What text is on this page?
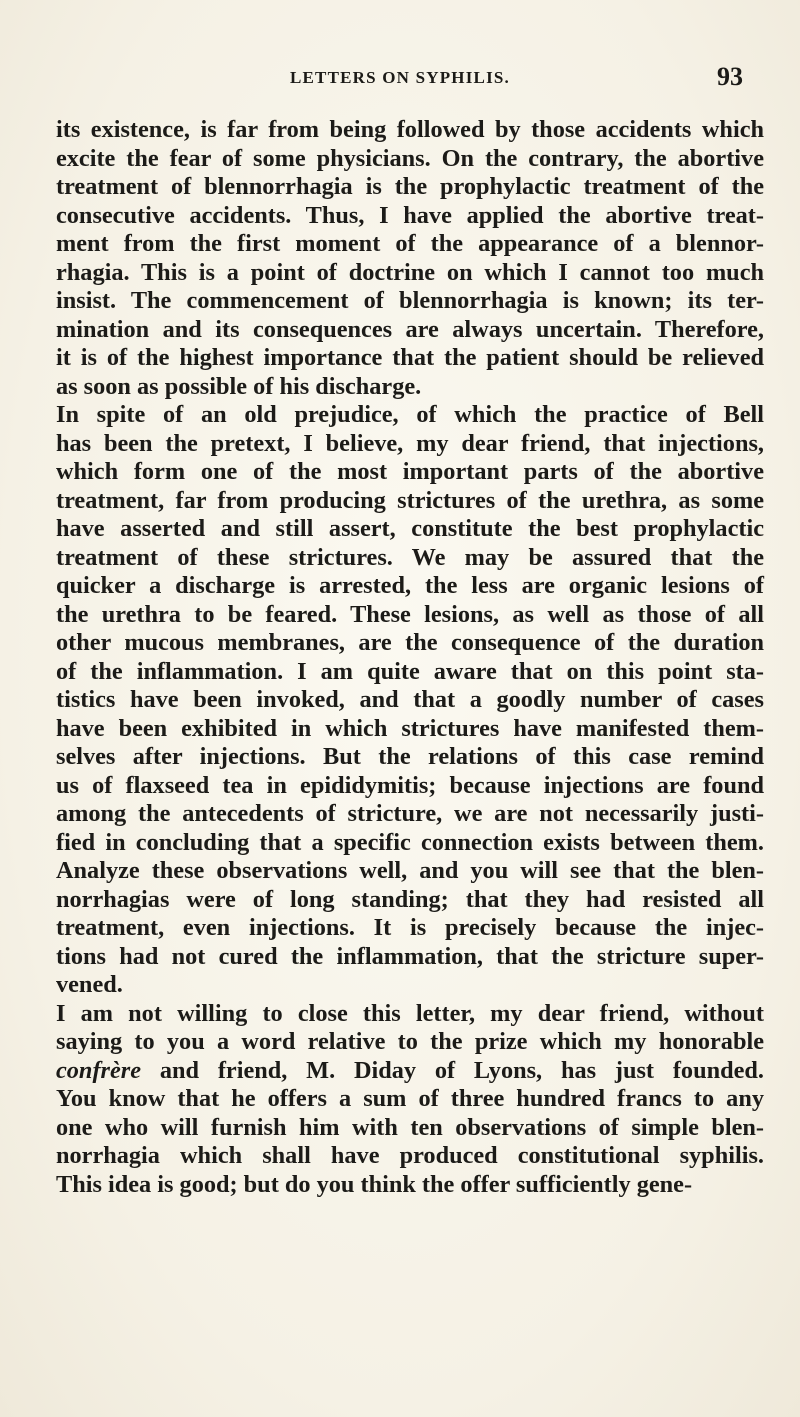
LETTERS ON SYPHILIS.	93
its existence, is far from being followed by those accidents which
excite the fear of some physicians. On the contrary, the abortive
treatment of blennorrhagia is the prophylactic treatment of the
consecutive accidents. Thus, I have applied the abortive treat-
ment from the first moment of the appearance of a blennor-
rhagia. This is a point of doctrine on which I cannot too much
insist. The commencement of blennorrhagia is known; its ter-
mination and its consequences are always uncertain. Therefore,
it is of the highest importance that the patient should be relieved
as soon as possible of his discharge.
In spite of an old prejudice, of which the practice of Bell
has been the pretext, I believe, my dear friend, that injections,
which form one of the most important parts of the abortive
treatment, far from producing strictures of the urethra, as some
have asserted and still assert, constitute the best prophylactic
treatment of these strictures. We may be assured that the
quicker a discharge is arrested, the less are organic lesions of
the urethra to be feared. These lesions, as well as those of all
other mucous membranes, are the consequence of the duration
of the inflammation. I am quite aware that on this point sta-
tistics have been invoked, and that a goodly number of cases
have been exhibited in which strictures have manifested them-
selves after injections. But the relations of this case remind
us of flaxseed tea in epididymitis; because injections are found
among the antecedents of stricture, we are not necessarily justi-
fied in concluding that a specific connection exists between them.
Analyze these observations well, and you will see that the blen-
norrhagias were of long standing; that they had resisted all
treatment, even injections. It is precisely because the injec-
tions had not cured the inflammation, that the stricture super-
vened.
I am not willing to close this letter, my dear friend, without
saying to you a word relative to the prize which my honorable
confrère and friend, M. Diday of Lyons, has just founded.
You know that he offers a sum of three hundred francs to any
one who will furnish him with ten observations of simple blen-
norrhagia which shall have produced constitutional syphilis.
This idea is good; but do you think the offer sufficiently gene-
